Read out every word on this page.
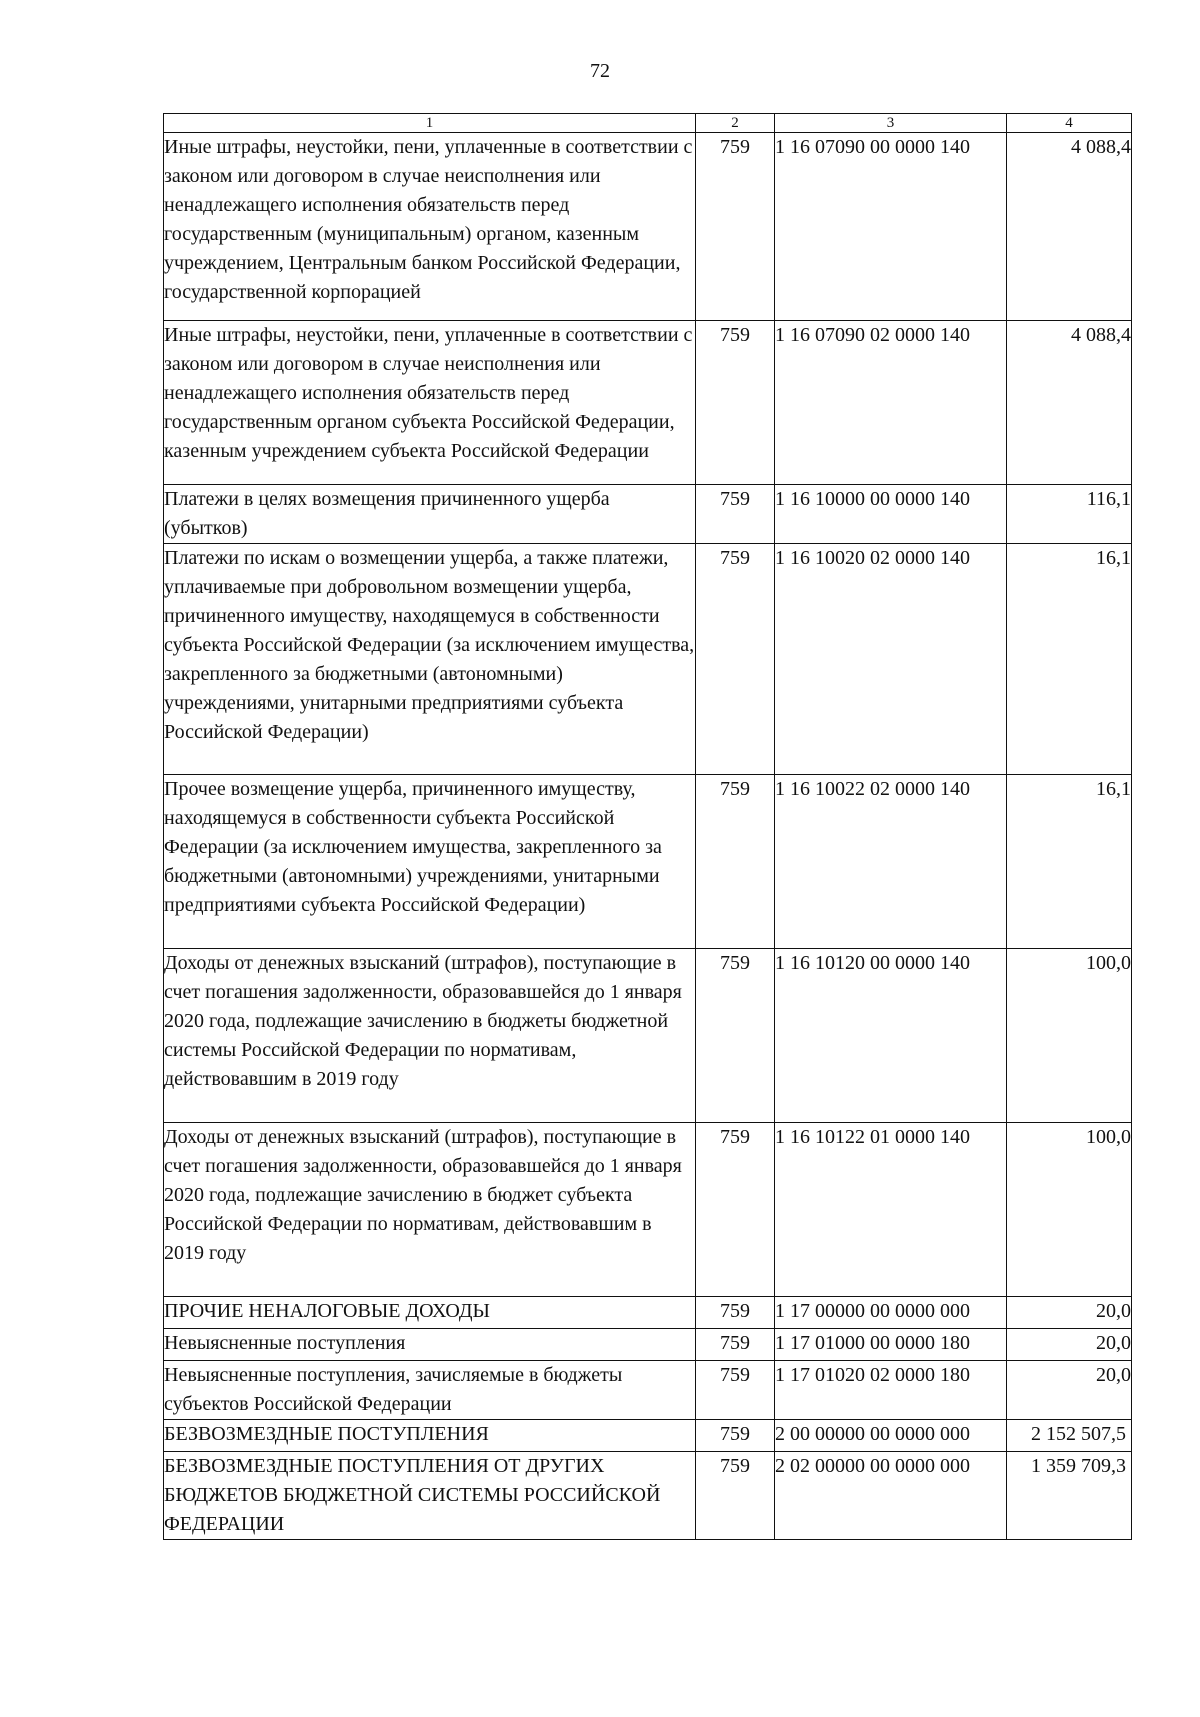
72
1	2	3	4
Иные штрафы, неустойки, пени, уплаченные в соответствии с законом или договором в случае неисполнения или ненадлежащего исполнения обязательств перед государственным (муниципальным) органом, казенным учреждением, Центральным банком Российской Федерации, государственной корпорацией	759	1 16 07090 00 0000 140	4 088,4
Иные штрафы, неустойки, пени, уплаченные в соответствии с законом или договором в случае неисполнения или ненадлежащего исполнения обязательств перед государственным органом субъекта Российской Федерации, казенным учреждением субъекта Российской Федерации	759	1 16 07090 02 0000 140	4 088,4
Платежи в целях возмещения причиненного ущерба (убытков)	759	1 16 10000 00 0000 140	116,1
Платежи по искам о возмещении ущерба, а также платежи, уплачиваемые при добровольном возмещении ущерба, причиненного имуществу, находящемуся в собственности субъекта Российской Федерации (за исключением имущества, закрепленного за бюджетными (автономными) учреждениями, унитарными предприятиями субъекта Российской Федерации)	759	1 16 10020 02 0000 140	16,1
Прочее возмещение ущерба, причиненного имуществу, находящемуся в собственности субъекта Российской Федерации (за исключением имущества, закрепленного за бюджетными (автономными) учреждениями, унитарными предприятиями субъекта Российской Федерации)	759	1 16 10022 02 0000 140	16,1
Доходы от денежных взысканий (штрафов), поступающие в счет погашения задолженности, образовавшейся до 1 января 2020 года, подлежащие зачислению в бюджеты бюджетной системы Российской Федерации по нормативам, действовавшим в 2019 году	759	1 16 10120 00 0000 140	100,0
Доходы от денежных взысканий (штрафов), поступающие в счет погашения задолженности, образовавшейся до 1 января 2020 года, подлежащие зачислению в бюджет субъекта Российской Федерации по нормативам, действовавшим в 2019 году	759	1 16 10122 01 0000 140	100,0
ПРОЧИЕ НЕНАЛОГОВЫЕ ДОХОДЫ	759	1 17 00000 00 0000 000	20,0
Невыясненные поступления	759	1 17 01000 00 0000 180	20,0
Невыясненные поступления, зачисляемые в бюджеты субъектов Российской Федерации	759	1 17 01020 02 0000 180	20,0
БЕЗВОЗМЕЗДНЫЕ ПОСТУПЛЕНИЯ	759	2 00 00000 00 0000 000	2 152 507,5
БЕЗВОЗМЕЗДНЫЕ ПОСТУПЛЕНИЯ ОТ ДРУГИХ БЮДЖЕТОВ БЮДЖЕТНОЙ СИСТЕМЫ РОССИЙСКОЙ ФЕДЕРАЦИИ	759	2 02 00000 00 0000 000	1 359 709,3
